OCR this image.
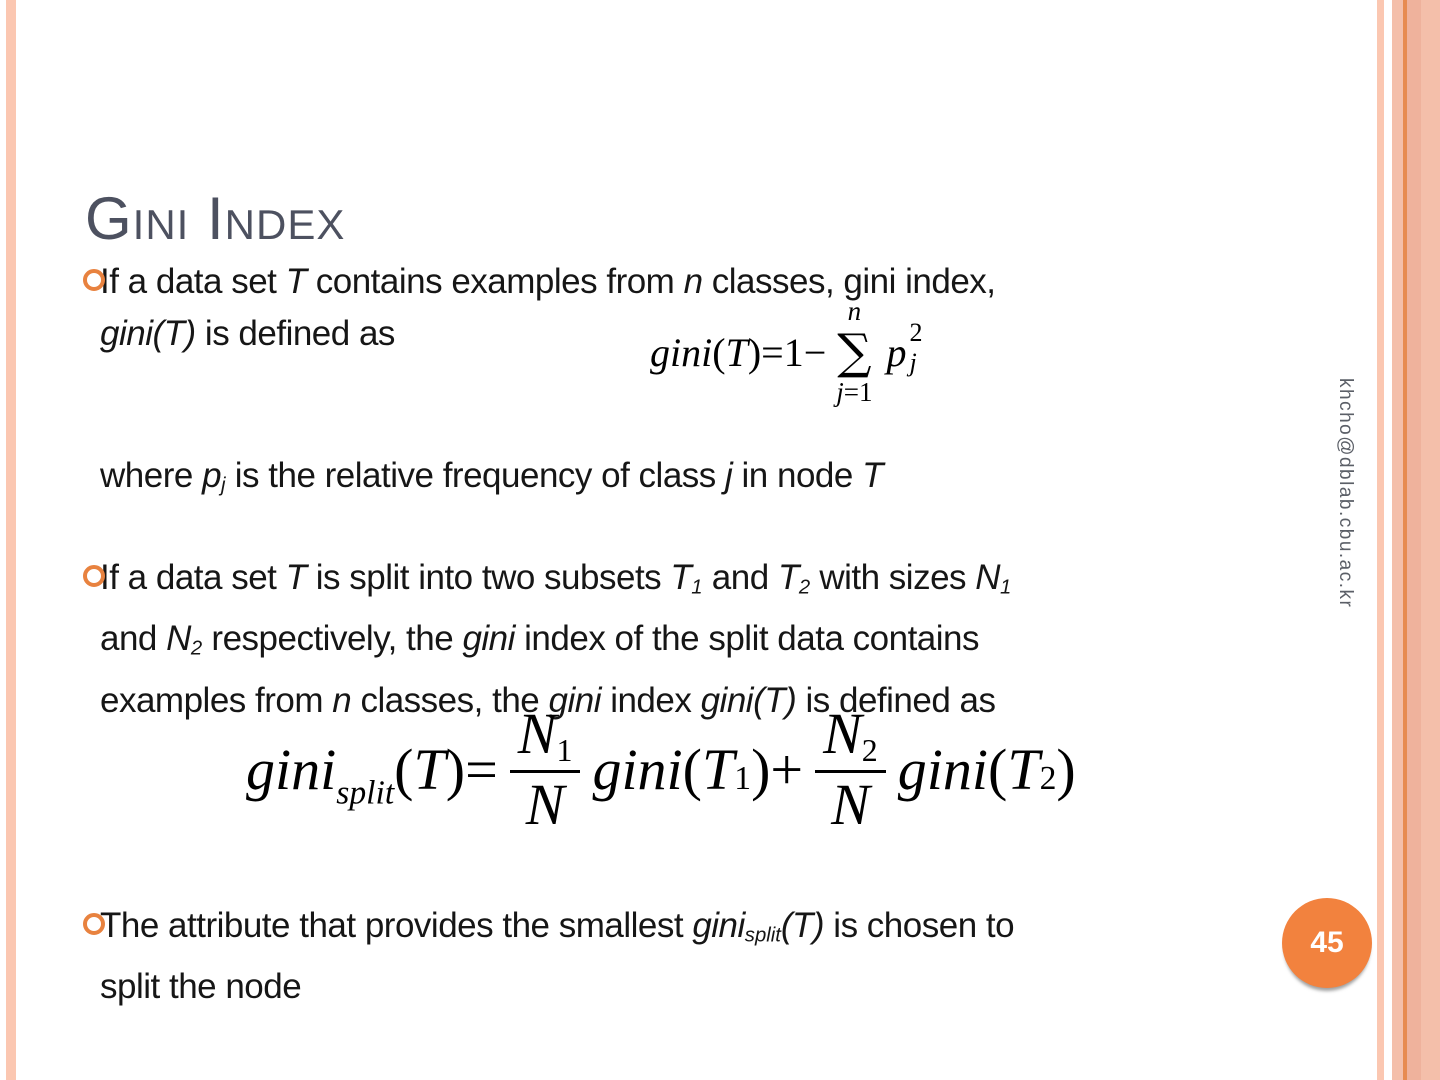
Gini Index
If a data set T contains examples from n classes, gini index,
gini(T) is defined as	gini ( T )=1−
n
∑
j=1
p 2
j
where $p_j$ is the relative frequency of class j in node T
If a data set T is split into two subsets $T_1$ and $T_2$ with sizes $N_1$
and $N_2$ respectively, the gini index of the split data contains
examples from n classes, the gini index gini(T) is defined as
gini split $(T)= \frac{N_1}{N}$ gini ( T 1 )+ $\frac{N_2}{N}$ gini ( T 2 )
The attribute that provides the smallest gini$_{split}$(T) is chosen to
split the node
khcho@dblab.cbu.ac.kr
45
